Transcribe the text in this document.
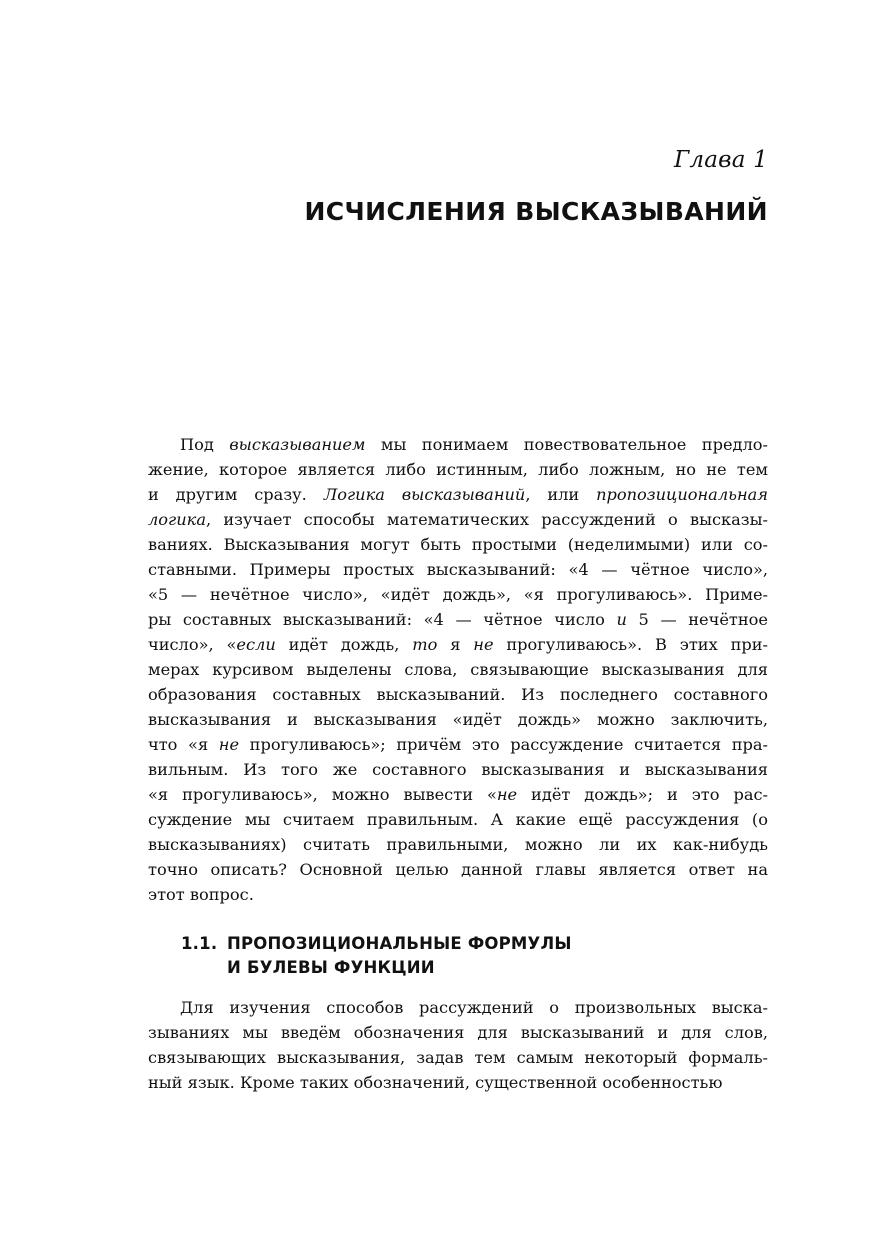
Глава 1
ИСЧИСЛЕНИЯ ВЫСКАЗЫВАНИЙ
Под высказыванием мы понимаем повествовательное предло-
жение, которое является либо истинным, либо ложным, но не тем
и другим сразу. Логика высказываний, или пропозициональная
логика, изучает способы математических рассуждений о высказы-
ваниях. Высказывания могут быть простыми (неделимыми) или со-
ставными. Примеры простых высказываний: «4 — чётное число»,
«5 — нечётное число», «идёт дождь», «я прогуливаюсь». Приме-
ры составных высказываний: «4 — чётное число и 5 — нечётное
число», «если идёт дождь, то я не прогуливаюсь». В этих при-
мерах курсивом выделены слова, связывающие высказывания для
образования составных высказываний. Из последнего составного
высказывания и высказывания «идёт дождь» можно заключить,
что «я не прогуливаюсь»; причём это рассуждение считается пра-
вильным. Из того же составного высказывания и высказывания
«я прогуливаюсь», можно вывести «не идёт дождь»; и это рас-
суждение мы считаем правильным. А какие ещё рассуждения (о
высказываниях) считать правильными, можно ли их как-нибудь
точно описать? Основной целью данной главы является ответ на
этот вопрос.
1.1. ПРОПОЗИЦИОНАЛЬНЫЕ ФОРМУЛЫ
И БУЛЕВЫ ФУНКЦИИ
Для изучения способов рассуждений о произвольных выска-
зываниях мы введём обозначения для высказываний и для слов,
связывающих высказывания, задав тем самым некоторый формаль-
ный язык. Кроме таких обозначений, существенной особенностью
